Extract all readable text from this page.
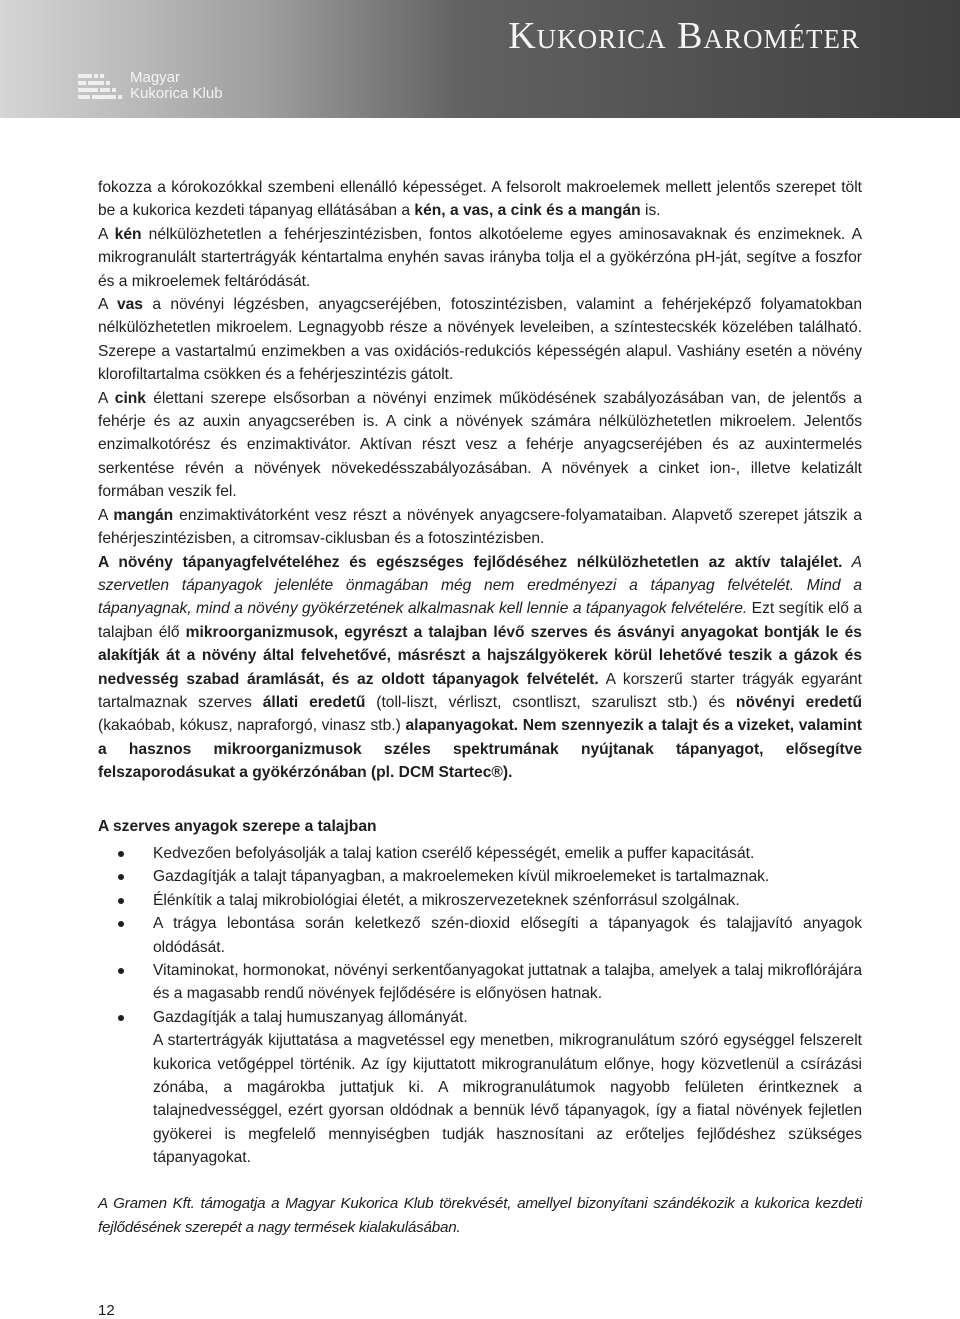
Kukorica Barométer
Magyar
Kukorica Klub

fokozza a kórokozókkal szembeni ellenálló képességet. A felsorolt makroelemek mellett jelentős szerepet tölt be a kukorica kezdeti tápanyag ellátásában a kén, a vas, a cink és a mangán is.

A kén nélkülözhetetlen a fehérjeszintézisben, fontos alkotóeleme egyes aminosavaknak és enzimeknek. A mikrogranulált startertrágyák kéntartalma enyhén savas irányba tolja el a gyökérzóna pH-ját, segítve a foszfor és a mikroelemek feltáródását.

A vas a növényi légzésben, anyagcseréjében, fotoszintézisben, valamint a fehérjeképző folyamatokban nélkülözhetetlen mikroelem. Legnagyobb része a növények leveleiben, a színtestecskék közelében található. Szerepe a vastartalmú enzimekben a vas oxidációs-redukciós képességén alapul. Vashiány esetén a növény klorofiltartalma csökken és a fehérjeszintézis gátolt.

A cink élettani szerepe elsősorban a növényi enzimek működésének szabályozásában van, de jelentős a fehérje és az auxin anyagcserében is. A cink a növények számára nélkülözhetetlen mikroelem. Jelentős enzimalkotórész és enzimaktivátor. Aktívan részt vesz a fehérje anyagcseréjében és az auxintermelés serkentése révén a növények növekedésszabályozásában. A növények a cinket ion-, illetve kelatizált formában veszik fel.

A mangán enzimaktivátorként vesz részt a növények anyagcsere-folyamataiban. Alapvető szerepet játszik a fehérjeszintézisben, a citromsav-ciklusban és a fotoszintézisben.

A növény tápanyagfelvételéhez és egészséges fejlődéséhez nélkülözhetetlen az aktív talajélet. A szervetlen tápanyagok jelenléte önmagában még nem eredményezi a tápanyag felvételét. Mind a tápanyagnak, mind a növény gyökérzetének alkalmasnak kell lennie a tápanyagok felvételére. Ezt segítik elő a talajban élő mikroorganizmusok, egyrészt a talajban lévő szerves és ásványi anyagokat bontják le és alakítják át a növény által felvehetővé, másrészt a hajszálgyökerek körül lehetővé teszik a gázok és nedvesség szabad áramlását, és az oldott tápanyagok felvételét. A korszerű starter trágyák egyaránt tartalmaznak szerves állati eredetű (toll-liszt, vérliszt, csontliszt, szaruliszt stb.) és növényi eredetű (kakaóbab, kókusz, napraforgó, vinasz stb.) alapanyagokat. Nem szennyezik a talajt és a vizeket, valamint a hasznos mikroorganizmusok széles spektrumának nyújtanak tápanyagot, elősegítve felszaporodásukat a gyökérzónában (pl. DCM Startec®).

A szerves anyagok szerepe a talajban

Kedvezően befolyásolják a talaj kation cserélő képességét, emelik a puffer kapacitását.
Gazdagítják a talajt tápanyagban, a makroelemeken kívül mikroelemeket is tartalmaznak.
Élénkítik a talaj mikrobiológiai életét, a mikroszervezeteknek szénforrásul szolgálnak.
A trágya lebontása során keletkező szén-dioxid elősegíti a tápanyagok és talajjavító anyagok oldódását.
Vitaminokat, hormonokat, növényi serkentőanyagokat juttatnak a talajba, amelyek a talaj mikroflórájára és a magasabb rendű növények fejlődésére is előnyösen hatnak.
Gazdagítják a talaj humuszanyag állományát.

A startertrágyák kijuttatása a magvetéssel egy menetben, mikrogranulátum szóró egységgel felszerelt kukorica vetőgéppel történik. Az így kijuttatott mikrogranulátum előnye, hogy közvetlenül a csírázási zónába, a magárokba juttatjuk ki. A mikrogranulátumok nagyobb felületen érintkeznek a talajnedvességgel, ezért gyorsan oldódnak a bennük lévő tápanyagok, így a fiatal növények fejletlen gyökerei is megfelelő mennyiségben tudják hasznosítani az erőteljes fejlődéshez szükséges tápanyagokat.

A Gramen Kft. támogatja a Magyar Kukorica Klub törekvését, amellyel bizonyítani szándékozik a kukorica kezdeti fejlődésének szerepét a nagy termések kialakulásában.

12
